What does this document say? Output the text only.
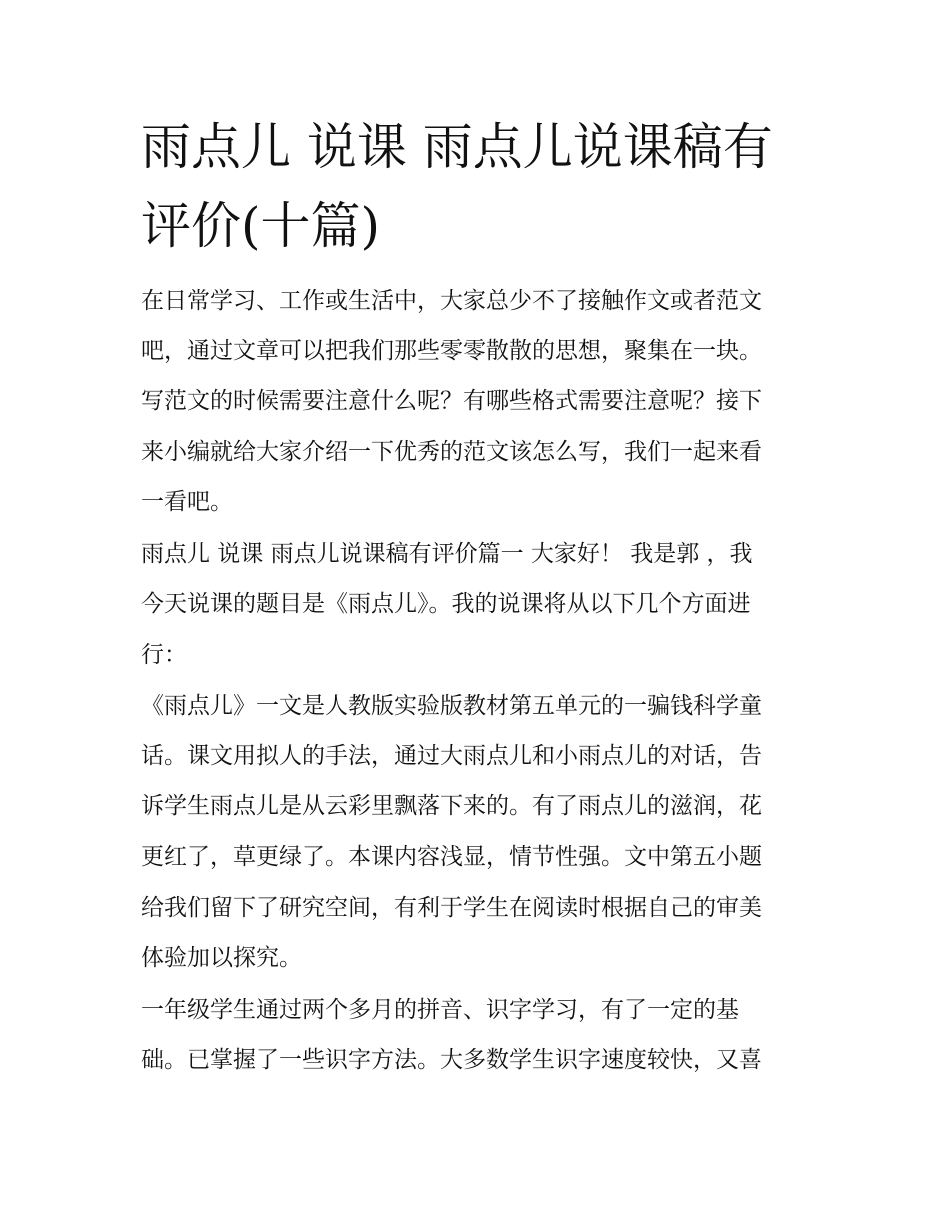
雨点儿 说课 雨点儿说课稿有
评价(十篇)
在日常学习、工作或生活中，大家总少不了接触作文或者范文
吧，通过文章可以把我们那些零零散散的思想，聚集在一块。
写范文的时候需要注意什么呢？有哪些格式需要注意呢？接下
来小编就给大家介绍一下优秀的范文该怎么写，我们一起来看
一看吧。
雨点儿 说课 雨点儿说课稿有评价篇一 大家好！ 我是郭 ，我
今天说课的题目是《雨点儿》。我的说课将从以下几个方面进
行：
《雨点儿》一文是人教版实验版教材第五单元的一骗钱科学童
话。课文用拟人的手法，通过大雨点儿和小雨点儿的对话，告
诉学生雨点儿是从云彩里飘落下来的。有了雨点儿的滋润，花
更红了，草更绿了。本课内容浅显，情节性强。文中第五小题
给我们留下了研究空间，有利于学生在阅读时根据自己的审美
体验加以探究。
一年级学生通过两个多月的拼音、识字学习，有了一定的基
础。已掌握了一些识字方法。大多数学生识字速度较快，又喜
